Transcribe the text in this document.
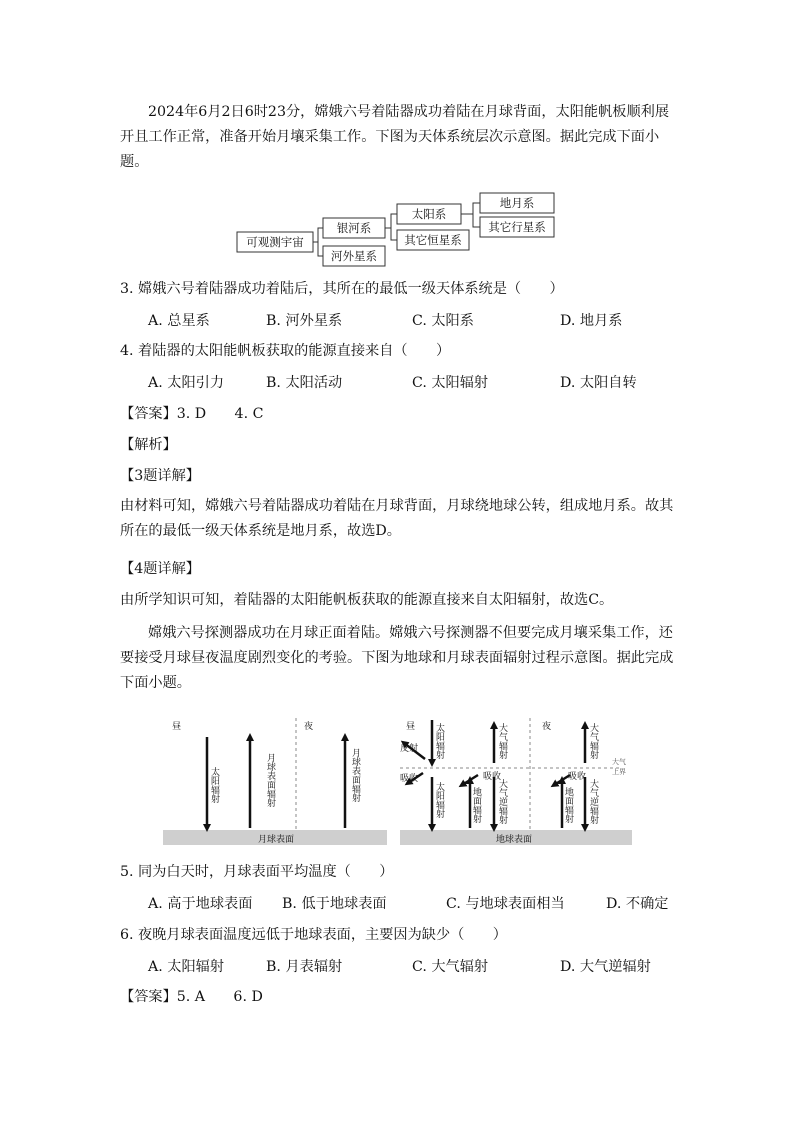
2024年6月2日6时23分，嫦娥六号着陆器成功着陆在月球背面，太阳能帆板顺利展开且工作正常，准备开始月壤采集工作。下图为天体系统层次示意图。据此完成下面小题。

可观测宇宙
银河系
河外星系
太阳系
其它恒星系
地月系
其它行星系
3. 嫦娥六号着陆器成功着陆后，其所在的最低一级天体系统是（　　）
A. 总星系	B. 河外星系	C. 太阳系	D. 地月系
4. 着陆器的太阳能帆板获取的能源直接来自（　　）
A. 太阳引力	B. 太阳活动	C. 太阳辐射	D. 太阳自转
【答案】3. D　　4. C
【解析】
【3题详解】

由材料可知，嫦娥六号着陆器成功着陆在月球背面，月球绕地球公转，组成地月系。故其所在的最低一级天体系统是地月系，故选D。

【4题详解】

由所学知识可知，着陆器的太阳能帆板获取的能源直接来自太阳辐射，故选C。

嫦娥六号探测器成功在月球正面着陆。嫦娥六号探测器不但要完成月壤采集工作，还要接受月球昼夜温度剧烈变化的考验。下图为地球和月球表面辐射过程示意图。据此完成下面小题。

昼	夜
太阳辐射	月球表面辐射	月球表面辐射
月球表面
昼	夜
太阳辐射
太阳辐射
反射
吸收	吸收	吸收
地面辐射
大气辐射
大气逆辐射	地面辐射
大气辐射
大气逆辐射
地球表面
大气
上界
5. 同为白天时，月球表面平均温度（　　）
A. 高于地球表面 B. 低于地球表面	C. 与地球表面相当	D. 不确定
6. 夜晚月球表面温度远低于地球表面，主要因为缺少（　　）
A. 太阳辐射	B. 月表辐射	C. 大气辐射	D. 大气逆辐射
【答案】5. A　　6. D
